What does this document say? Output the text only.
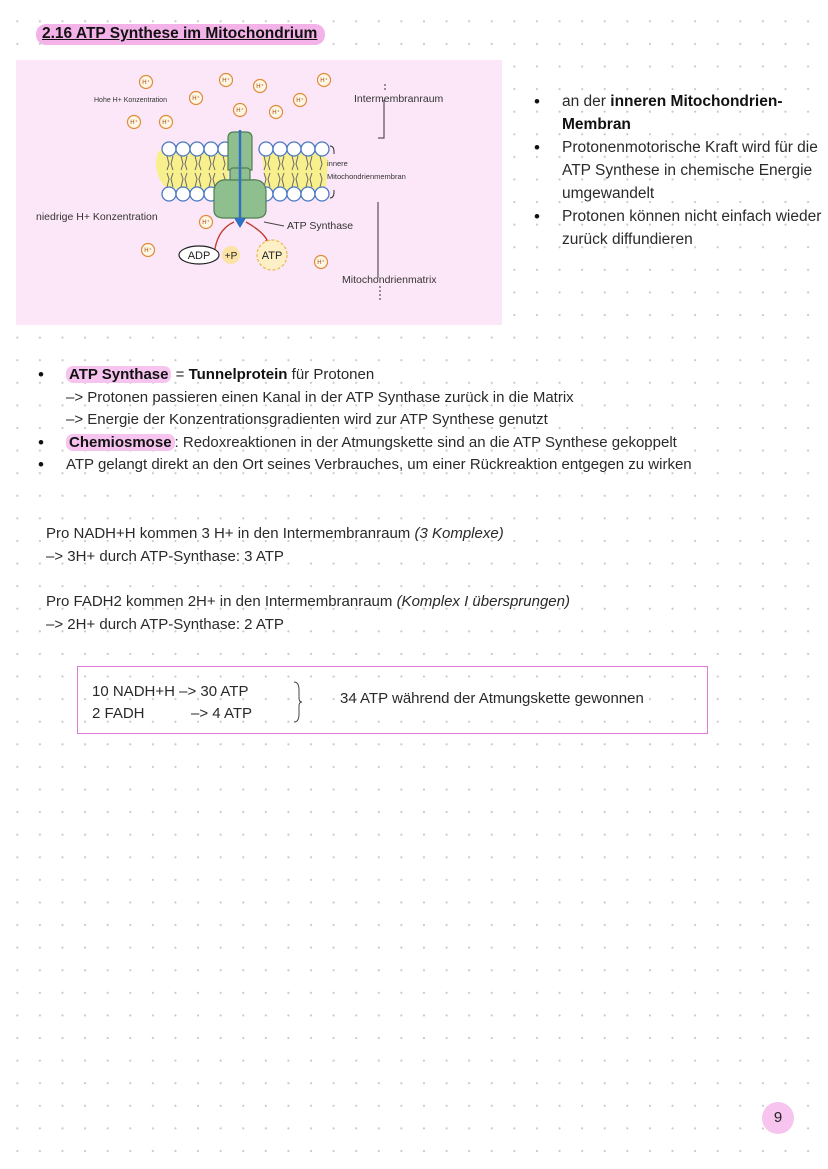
2.16 ATP Synthese im Mitochondrium
H⁺	H⁺
H⁺
H⁺
H⁺	H⁺
H⁺	H⁺
H⁺	H⁺
H⁺
H⁺
H⁺
Hohe H+ Konzentration	Intermembranraum
innere
Mitochondrienmembran
niedrige H+ Konzentration
ATP Synthase
Mitochondrienmatrix
ADP +P ATP
• an der inneren Mitochondrien-Membran
• Protonenmotorische Kraft wird für die ATP Synthese in chemische Energie umgewandelt
• Protonen können nicht einfach wieder zurück diffundieren
• ATP Synthase = Tunnelprotein für Protonen
–> Protonen passieren einen Kanal in der ATP Synthase zurück in die Matrix
–> Energie der Konzentrationsgradienten wird zur ATP Synthese genutzt
• Chemiosmose : Redoxreaktionen in der Atmungskette sind an die ATP Synthese gekoppelt
• ATP gelangt direkt an den Ort seines Verbrauches, um einer Rückreaktion entgegen zu wirken
Pro NADH+H kommen 3 H+ in den Intermembranraum (3 Komplexe)
–> 3H+ durch ATP-Synthase: 3 ATP
Pro FADH2 kommen 2H+ in den Intermembranraum (Komplex I übersprungen)
–> 2H+ durch ATP-Synthase: 2 ATP
10 NADH+H –> 30 ATP
2 FADH	–> 4 ATP
34 ATP während der Atmungskette gewonnen
9
